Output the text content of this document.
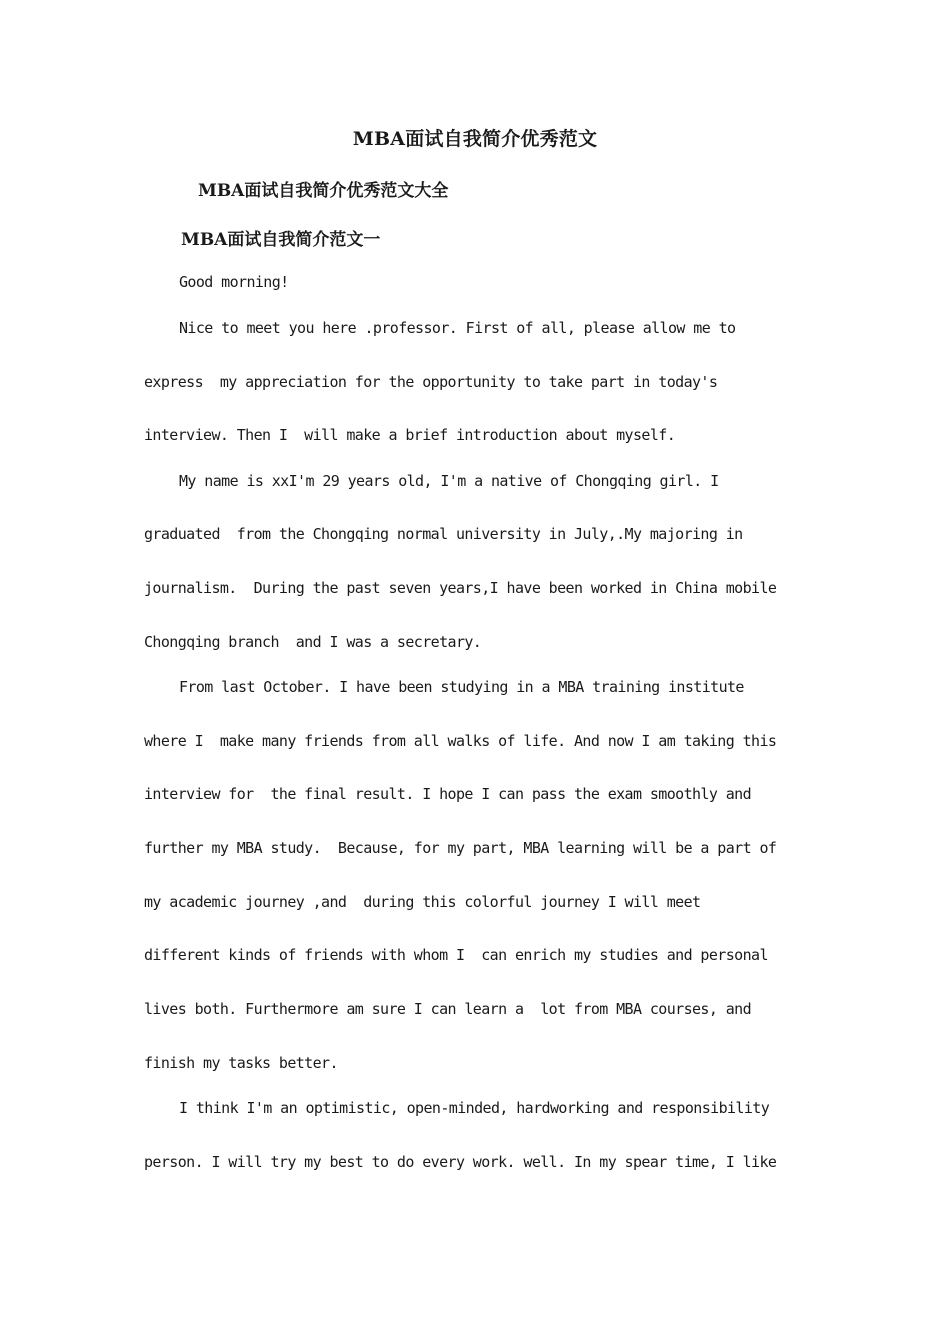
MBA面试自我简介优秀范文
MBA面试自我简介优秀范文大全
MBA面试自我简介范文一
Good morning!
Nice to meet you here .professor. First of all, please allow me to
express  my appreciation for the opportunity to take part in today's
interview. Then I  will make a brief introduction about myself.
My name is xxI'm 29 years old, I'm a native of Chongqing girl. I
graduated  from the Chongqing normal university in July,.My majoring in
journalism.  During the past seven years,I have been worked in China mobile
Chongqing branch  and I was a secretary.
From last October. I have been studying in a MBA training institute
where I  make many friends from all walks of life. And now I am taking this
interview for  the final result. I hope I can pass the exam smoothly and
further my MBA study.  Because, for my part, MBA learning will be a part of
my academic journey ,and  during this colorful journey I will meet
different kinds of friends with whom I  can enrich my studies and personal
lives both. Furthermore am sure I can learn a  lot from MBA courses, and
finish my tasks better.
I think I'm an optimistic, open-minded, hardworking and responsibility
person. I will try my best to do every work. well. In my spear time, I like
